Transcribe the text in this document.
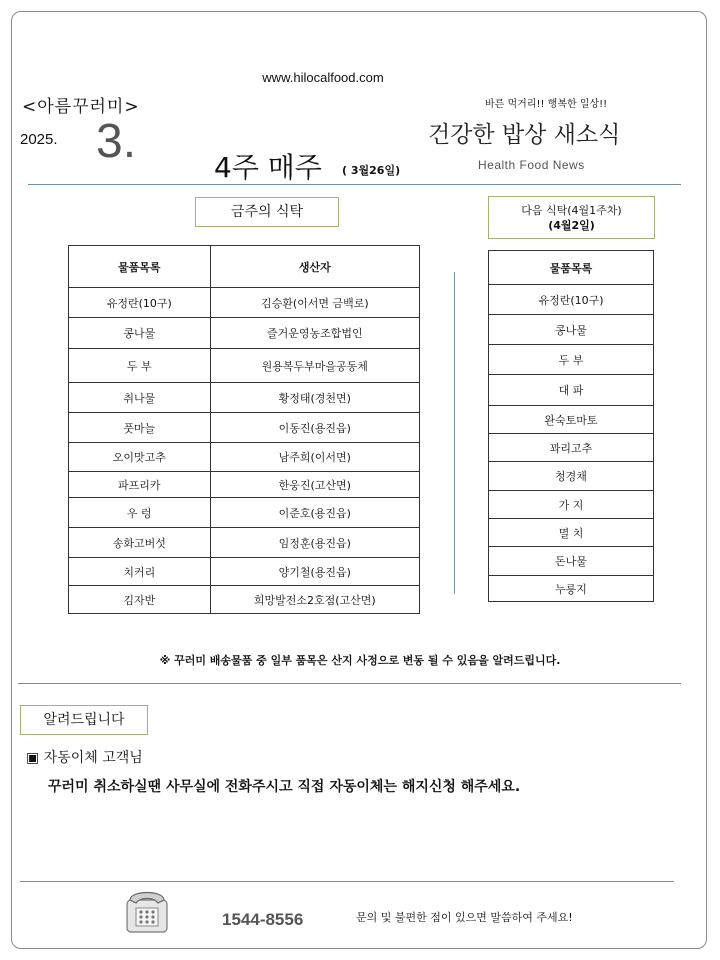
www.hilocalfood.com
<아름꾸러미>
2025. 3.	4주 매주 ( 3월26일)
바른 먹거리!! 행복한 일상!!
건강한 밥상 새소식
Health Food News
금주의 식탁	다음 식탁(4월1주차)
(4월2일)
물품목록	생산자
유정란(10구)	김승환(이서면 금백로)
콩나물	즐거운영농조합법인
두 부	원용복두부마을공동체
취나물	황정태(경천면)
풋마늘	이동진(용진읍)
오이맛고추	남주희(이서면)
파프리카	한웅진(고산면)
우 렁	이준호(용진읍)
송화고버섯	임정훈(용진읍)
치커리	양기철(용진읍)
김자반	희망발전소2호점(고산면)
물품목록
유정란(10구)
콩나물
두 부
대 파
완숙토마토
꽈리고추
청경채
가 지
멸 치
돈나물
누룽지
※ 꾸러미 배송물품 중 일부 품목은 산지 사정으로 변동 될 수 있음을 알려드립니다.
알려드립니다
▣ 자동이체 고객님
꾸러미 취소하실땐 사무실에 전화주시고 직접 자동이체는 해지신청 해주세요.
1544-8556	문의 및 불편한 점이 있으면 말씀하여 주세요!
